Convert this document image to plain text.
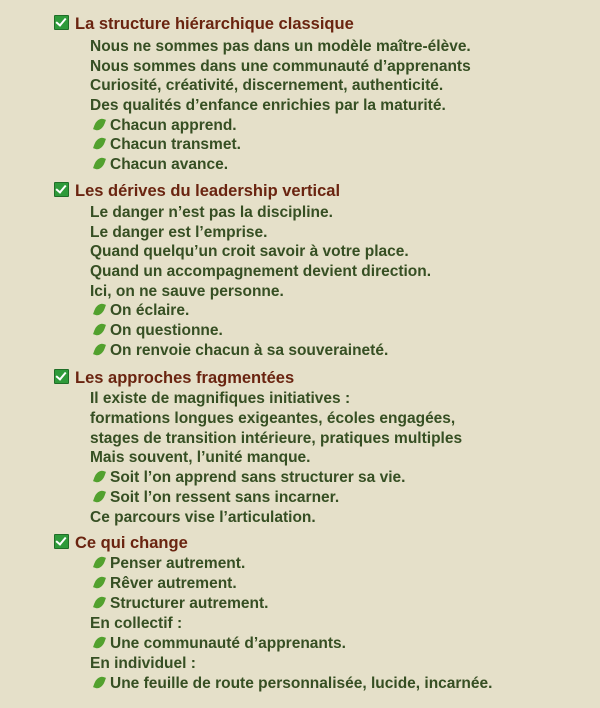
La structure hiérarchique classique
Nous ne sommes pas dans un modèle maître-élève.
Nous sommes dans une communauté d’apprenants
Curiosité, créativité, discernement, authenticité.
Des qualités d’enfance enrichies par la maturité.
Chacun apprend.
Chacun transmet.
Chacun avance.
Les dérives du leadership vertical
Le danger n’est pas la discipline.
Le danger est l’emprise.
Quand quelqu’un croit savoir à votre place.
Quand un accompagnement devient direction.
Ici, on ne sauve personne.
On éclaire.
On questionne.
On renvoie chacun à sa souveraineté.
Les approches fragmentées
Il existe de magnifiques initiatives :
formations longues exigeantes, écoles engagées,
stages de transition intérieure, pratiques multiples
Mais souvent, l’unité manque.
Soit l’on apprend sans structurer sa vie.
Soit l’on ressent sans incarner.
Ce parcours vise l’articulation.
Ce qui change
Penser autrement.
Rêver autrement.
Structurer autrement.
En collectif :
Une communauté d’apprenants.
En individuel :
Une feuille de route personnalisée, lucide, incarnée.
